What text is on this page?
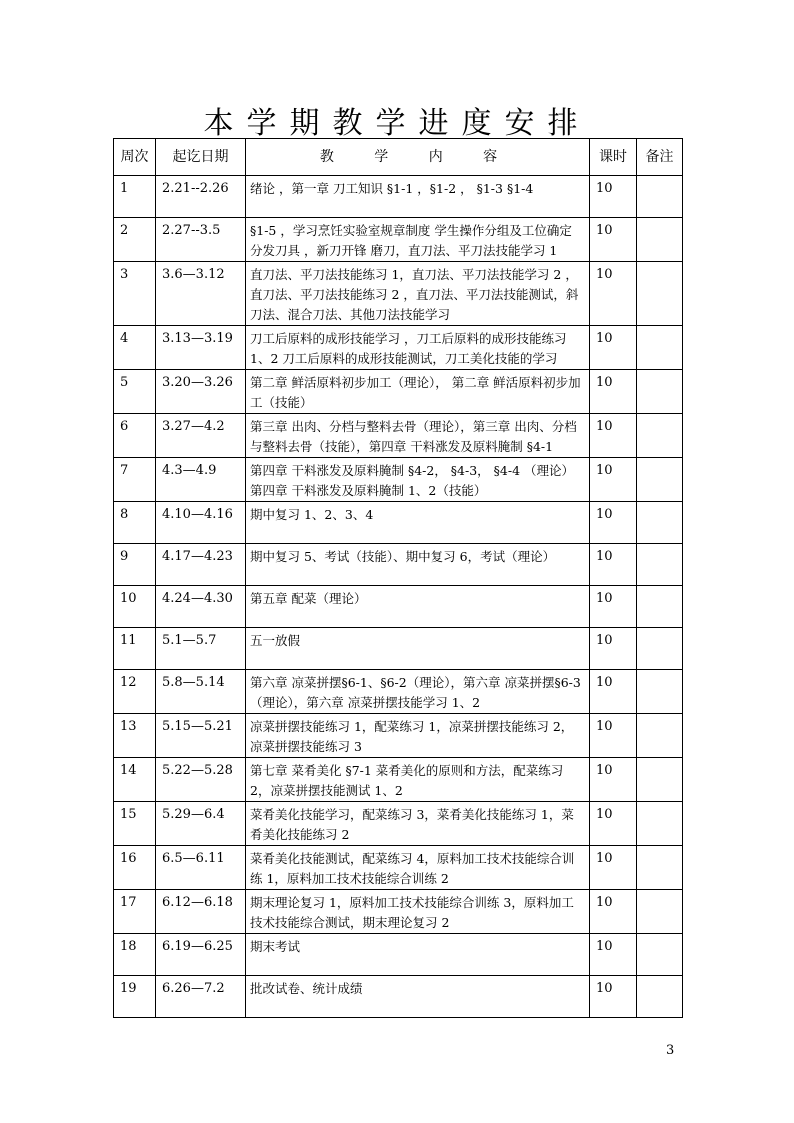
本学期教学进度安排
周次	起讫日期	教 学 内 容	课时	备注
1	2.21--2.26	绪论 ，第一章 刀工知识 §1-1 ，§1-2 ， §1-3 §1-4	10	
2	2.27--3.5	§1-5 ，学习烹饪实验室规章制度 学生操作分组及工位确定 分发刀具 ，新刀开锋 磨刀，直刀法、平刀法技能学习 1	10	
3	3.6—3.12	直刀法、平刀法技能练习 1，直刀法、平刀法技能学习 2 ，直刀法、平刀法技能练习 2 ，直刀法、平刀法技能测试，斜刀法、混合刀法、其他刀法技能学习	10	
4	3.13—3.19	刀工后原料的成形技能学习 ，刀工后原料的成形技能练习 1、2 刀工后原料的成形技能测试，刀工美化技能的学习	10	
5	3.20—3.26	第二章 鲜活原料初步加工（理论）， 第二章 鲜活原料初步加工（技能）	10	
6	3.27—4.2	第三章 出肉、分档与整料去骨（理论），第三章 出肉、分档与整料去骨（技能），第四章 干料涨发及原料腌制 §4-1	10	
7	4.3—4.9	第四章 干料涨发及原料腌制 §4-2， §4-3， §4-4 （理论） 第四章 干料涨发及原料腌制 1、2（技能）	10	
8	4.10—4.16	期中复习 1、2、3、4	10	
9	4.17—4.23	期中复习 5、考试（技能）、期中复习 6，考试（理论）	10	
10	4.24—4.30	第五章 配菜（理论）	10	
11	5.1—5.7	五一放假	10	
12	5.8—5.14	第六章 凉菜拼摆§6-1、§6-2（理论），第六章 凉菜拼摆§6-3（理论），第六章 凉菜拼摆技能学习 1、2	10	
13	5.15—5.21	凉菜拼摆技能练习 1，配菜练习 1，凉菜拼摆技能练习 2，凉菜拼摆技能练习 3	10	
14	5.22—5.28	第七章 菜肴美化 §7-1 菜肴美化的原则和方法，配菜练习 2，凉菜拼摆技能测试 1、2	10	
15	5.29—6.4	菜肴美化技能学习，配菜练习 3，菜肴美化技能练习 1，菜肴美化技能练习 2	10	
16	6.5—6.11	菜肴美化技能测试，配菜练习 4，原料加工技术技能综合训练 1，原料加工技术技能综合训练 2	10	
17	6.12—6.18	期末理论复习 1，原料加工技术技能综合训练 3，原料加工技术技能综合测试，期末理论复习 2	10	
18	6.19—6.25	期末考试	10	
19	6.26—7.2	批改试卷、统计成绩	10	
3
